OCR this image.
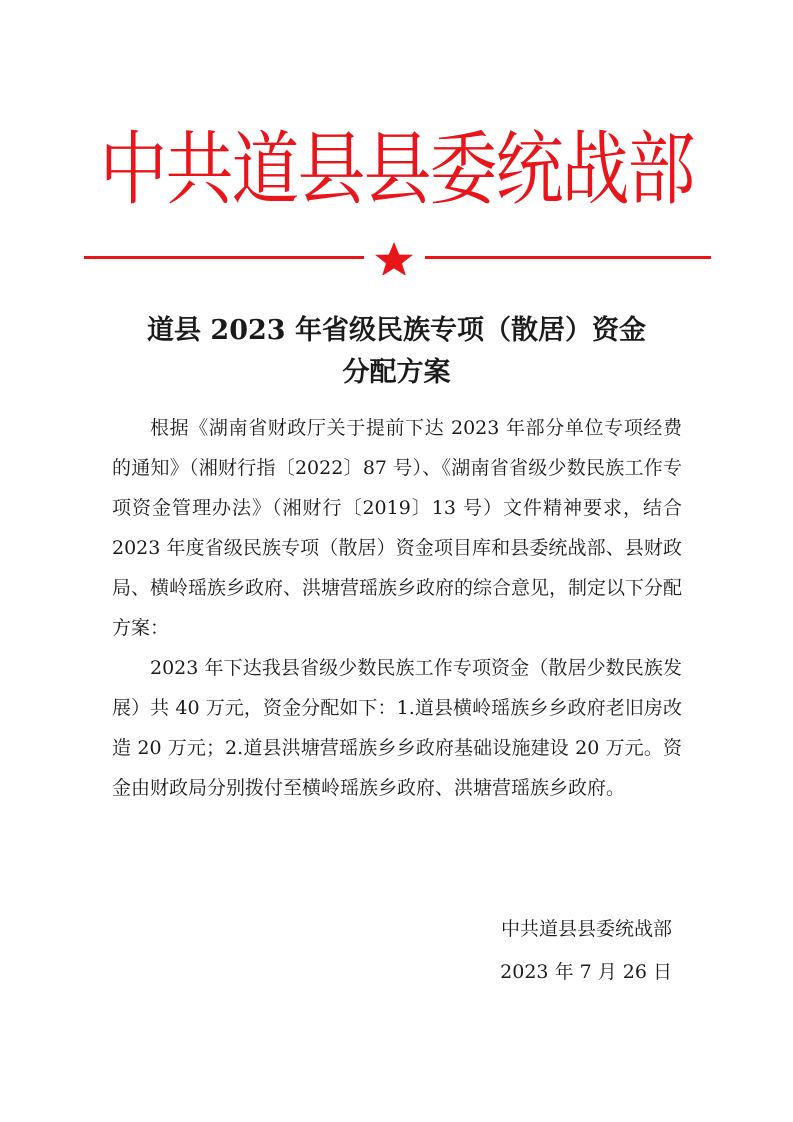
中共道县县委统战部
道县 2023 年省级民族专项（散居）资金
分配方案

根据《湖南省财政厅关于提前下达 2023 年部分单位专项经费的通知》（湘财行指〔2022〕87 号）、《湖南省省级少数民族工作专项资金管理办法》（湘财行〔2019〕13 号）文件精神要求，结合 2023 年度省级民族专项（散居）资金项目库和县委统战部、县财政局、横岭瑶族乡政府、洪塘营瑶族乡政府的综合意见，制定以下分配方案：

2023 年下达我县省级少数民族工作专项资金（散居少数民族发展）共 40 万元，资金分配如下：1.道县横岭瑶族乡乡政府老旧房改造 20 万元；2.道县洪塘营瑶族乡乡政府基础设施建设 20 万元。资金由财政局分别拨付至横岭瑶族乡政府、洪塘营瑶族乡政府。

中共道县县委统战部
2023 年 7 月 26 日
